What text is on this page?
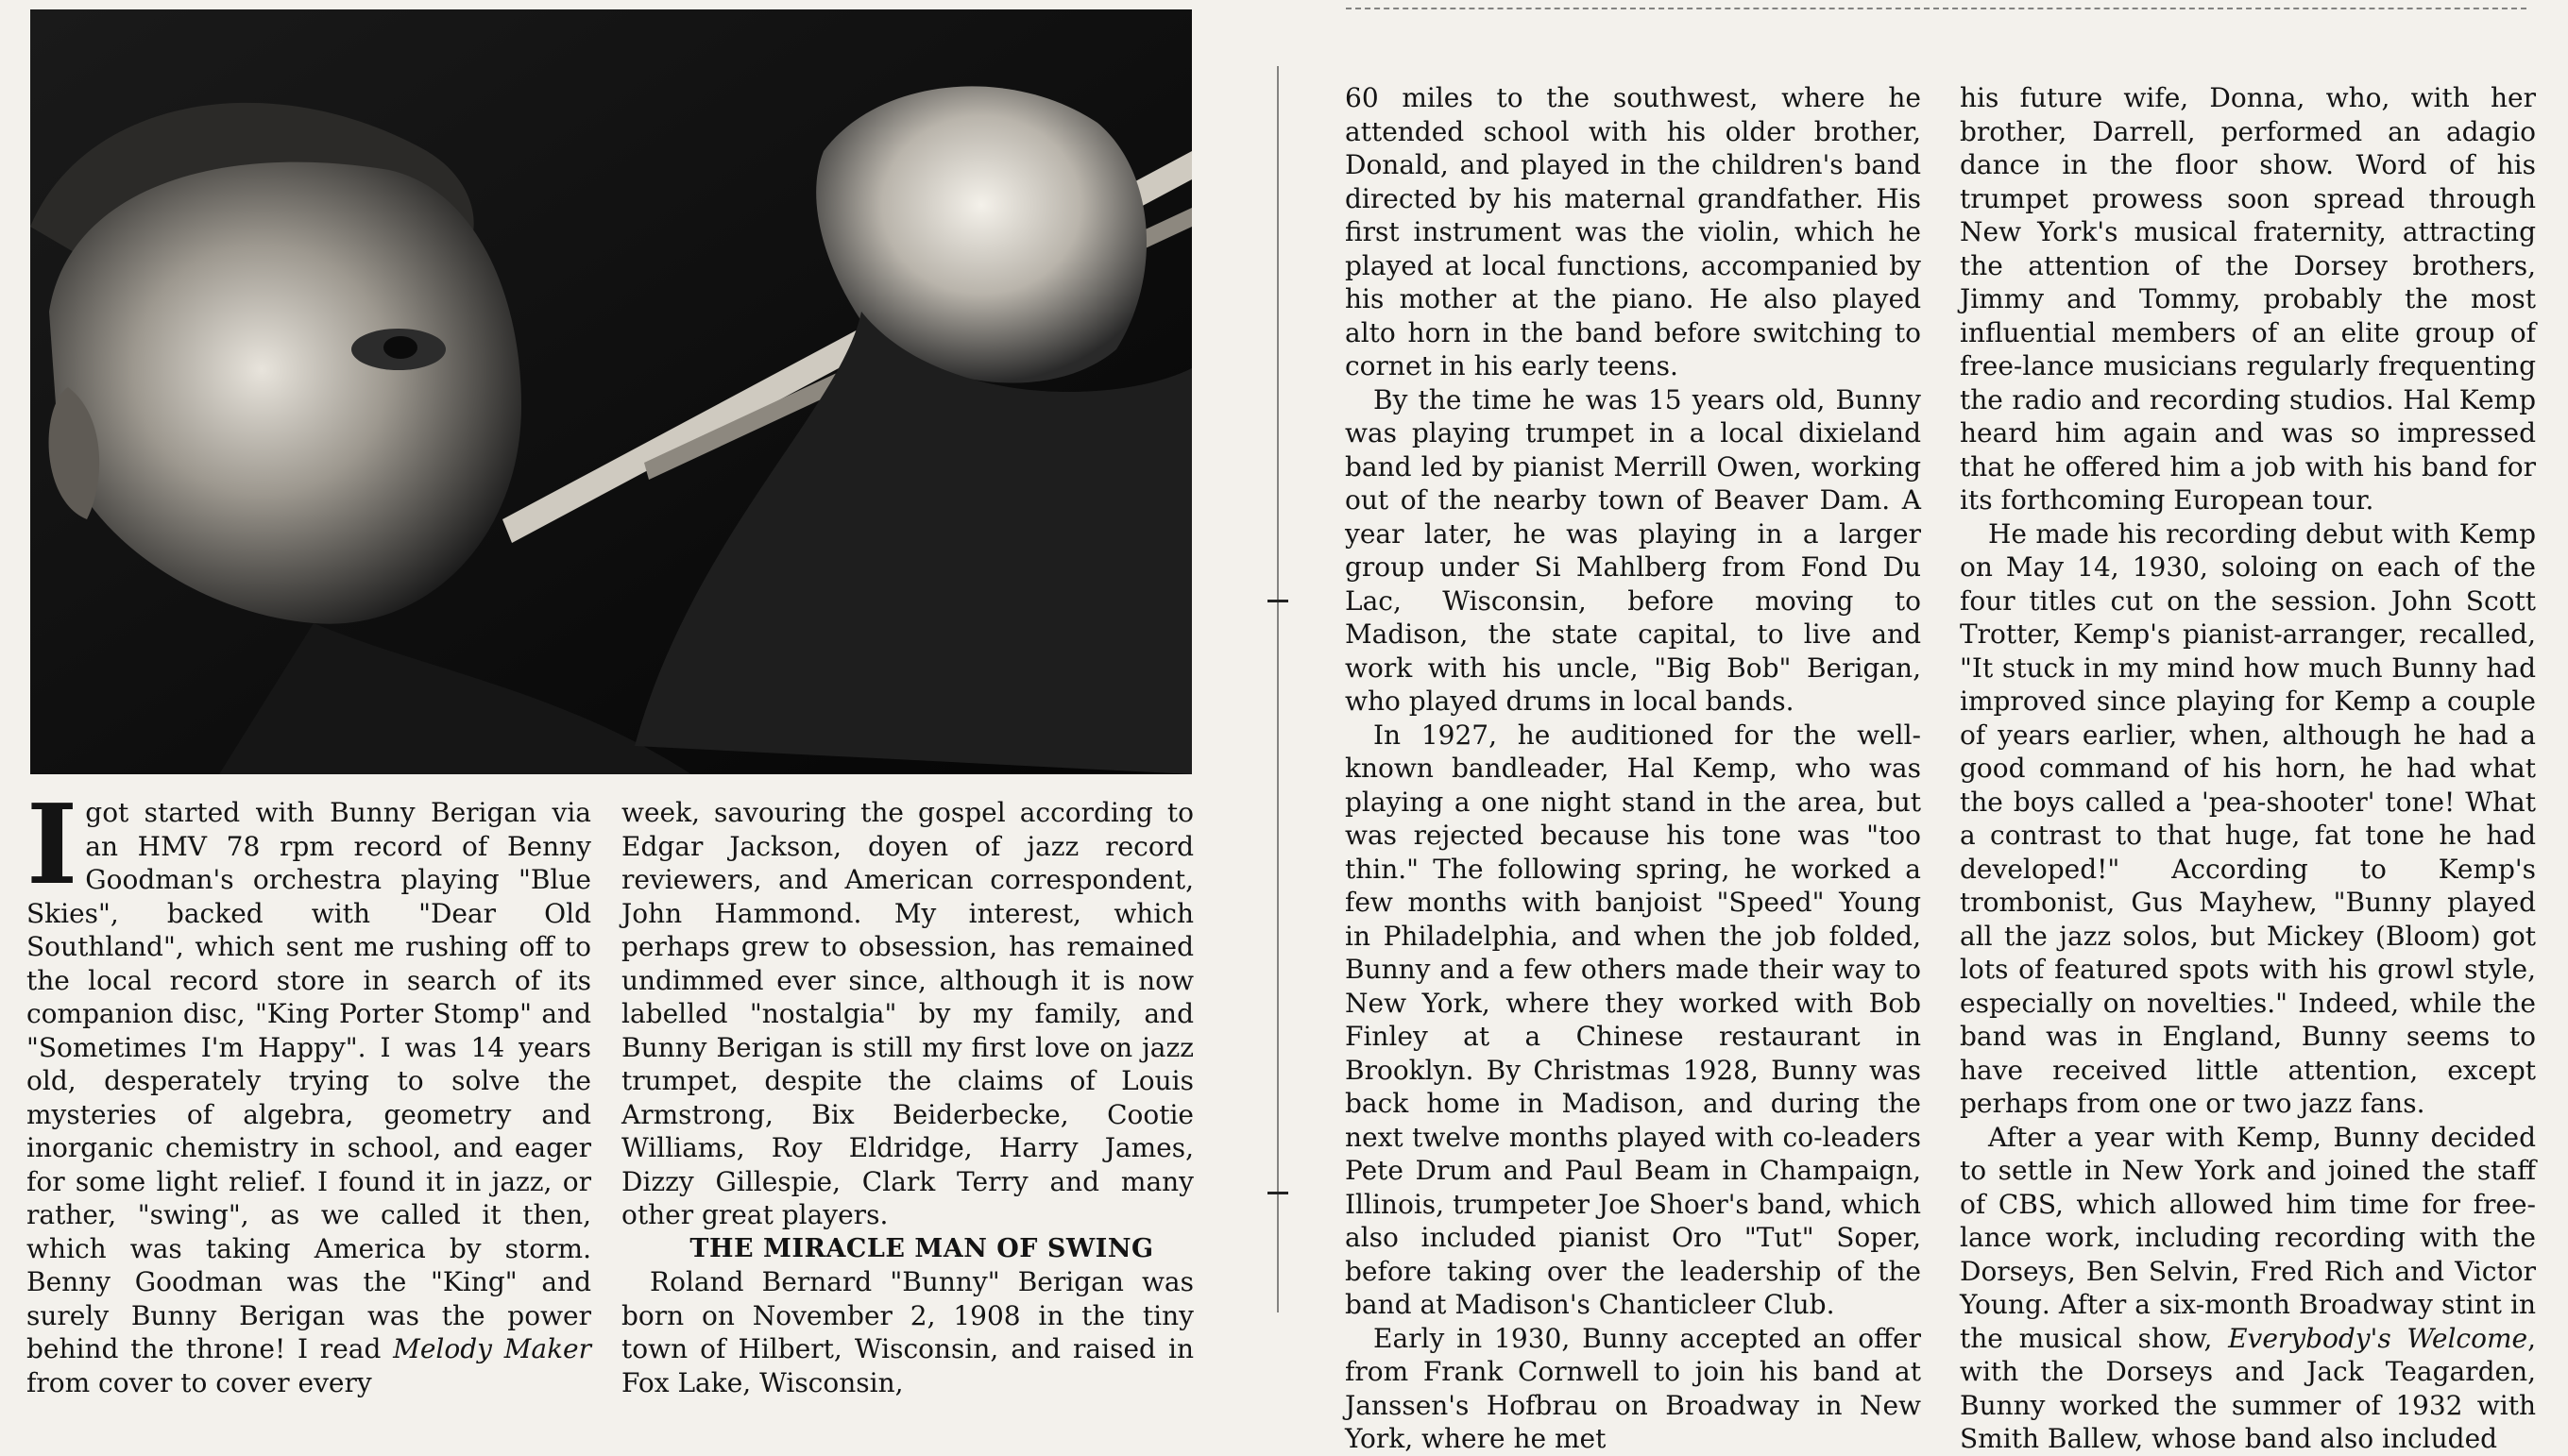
Igot started with Bunny Berigan via an HMV 78 rpm record of Benny Goodman's orchestra playing "Blue Skies", backed with "Dear Old Southland", which sent me rushing off to the local record store in search of its companion disc, "King Porter Stomp" and "Sometimes I'm Happy". I was 14 years old, desperately trying to solve the mysteries of algebra, geometry and inorganic chemistry in school, and eager for some light relief. I found it in jazz, or rather, "swing", as we called it then, which was taking America by storm. Benny Goodman was the "King" and surely Bunny Berigan was the power behind the throne! I read Melody Maker from cover to cover every

week, savouring the gospel according to Edgar Jackson, doyen of jazz record reviewers, and American correspondent, John Hammond. My interest, which perhaps grew to obsession, has remained undimmed ever since, although it is now labelled "nostalgia" by my family, and Bunny Berigan is still my first love on jazz trumpet, despite the claims of Louis Armstrong, Bix Beiderbecke, Cootie Williams, Roy Eldridge, Harry James, Dizzy Gillespie, Clark Terry and many other great players.

THE MIRACLE MAN OF SWING

Roland Bernard "Bunny" Berigan was born on November 2, 1908 in the tiny town of Hilbert, Wisconsin, and raised in Fox Lake, Wisconsin,

60 miles to the southwest, where he attended school with his older brother, Donald, and played in the children's band directed by his maternal grandfather. His first instrument was the violin, which he played at local functions, accompanied by his mother at the piano. He also played alto horn in the band before switching to cornet in his early teens.

By the time he was 15 years old, Bunny was playing trumpet in a local dixieland band led by pianist Merrill Owen, working out of the nearby town of Beaver Dam. A year later, he was playing in a larger group under Si Mahlberg from Fond Du Lac, Wisconsin, before moving to Madison, the state capital, to live and work with his uncle, "Big Bob" Berigan, who played drums in local bands.

In 1927, he auditioned for the well-known bandleader, Hal Kemp, who was playing a one night stand in the area, but was rejected because his tone was "too thin." The following spring, he worked a few months with banjoist "Speed" Young in Philadelphia, and when the job folded, Bunny and a few others made their way to New York, where they worked with Bob Finley at a Chinese restaurant in Brooklyn. By Christmas 1928, Bunny was back home in Madison, and during the next twelve months played with co-leaders Pete Drum and Paul Beam in Champaign, Illinois, trumpeter Joe Shoer's band, which also included pianist Oro "Tut" Soper, before taking over the leadership of the band at Madison's Chanticleer Club.

Early in 1930, Bunny accepted an offer from Frank Cornwell to join his band at Janssen's Hofbrau on Broadway in New York, where he met

his future wife, Donna, who, with her brother, Darrell, performed an adagio dance in the floor show. Word of his trumpet prowess soon spread through New York's musical fraternity, attracting the attention of the Dorsey brothers, Jimmy and Tommy, probably the most influential members of an elite group of free-lance musicians regularly frequenting the radio and recording studios. Hal Kemp heard him again and was so impressed that he offered him a job with his band for its forthcoming European tour.

He made his recording debut with Kemp on May 14, 1930, soloing on each of the four titles cut on the session. John Scott Trotter, Kemp's pianist-arranger, recalled, "It stuck in my mind how much Bunny had improved since playing for Kemp a couple of years earlier, when, although he had a good command of his horn, he had what the boys called a 'pea-shooter' tone! What a contrast to that huge, fat tone he had developed!" According to Kemp's trombonist, Gus Mayhew, "Bunny played all the jazz solos, but Mickey (Bloom) got lots of featured spots with his growl style, especially on novelties." Indeed, while the band was in England, Bunny seems to have received little attention, except perhaps from one or two jazz fans.

After a year with Kemp, Bunny decided to settle in New York and joined the staff of CBS, which allowed him time for free-lance work, including recording with the Dorseys, Ben Selvin, Fred Rich and Victor Young. After a six-month Broadway stint in the musical show, Everybody's Welcome, with the Dorseys and Jack Teagarden, Bunny worked the summer of 1932 with Smith Ballew, whose band also included
